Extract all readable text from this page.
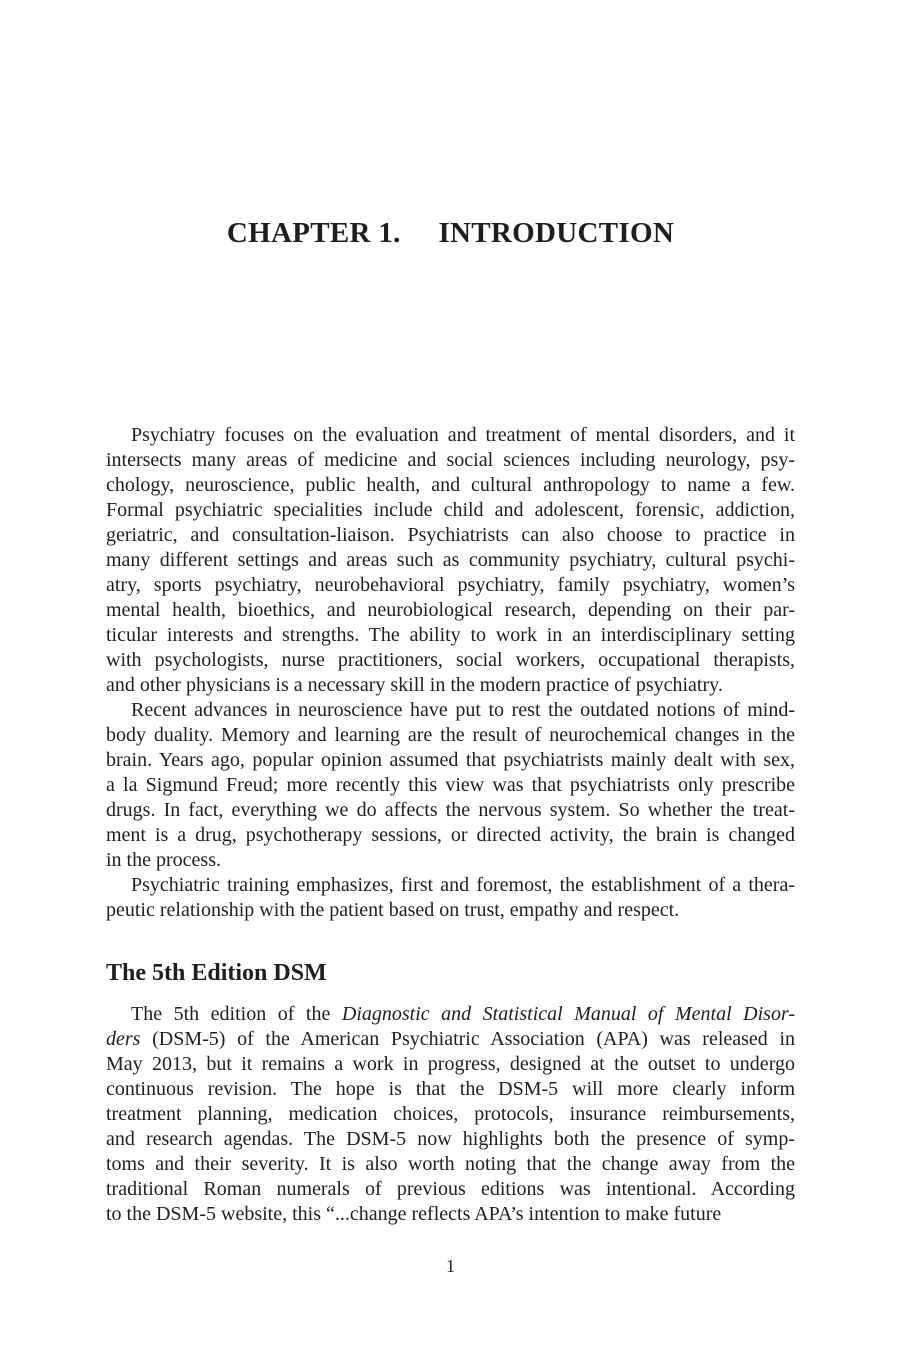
CHAPTER 1.     INTRODUCTION
Psychiatry focuses on the evaluation and treatment of mental disorders, and it
intersects many areas of medicine and social sciences including neurology, psy-
chology, neuroscience, public health, and cultural anthropology to name a few.
Formal psychiatric specialities include child and adolescent, forensic, addiction,
geriatric, and consultation-liaison. Psychiatrists can also choose to practice in
many different settings and areas such as community psychiatry, cultural psychi-
atry, sports psychiatry, neurobehavioral psychiatry, family psychiatry, women’s
mental health, bioethics, and neurobiological research, depending on their par-
ticular interests and strengths. The ability to work in an interdisciplinary setting
with psychologists, nurse practitioners, social workers, occupational therapists,
and other physicians is a necessary skill in the modern practice of psychiatry.
Recent advances in neuroscience have put to rest the outdated notions of mind-
body duality. Memory and learning are the result of neurochemical changes in the
brain. Years ago, popular opinion assumed that psychiatrists mainly dealt with sex,
a la Sigmund Freud; more recently this view was that psychiatrists only prescribe
drugs. In fact, everything we do affects the nervous system. So whether the treat-
ment is a drug, psychotherapy sessions, or directed activity, the brain is changed
in the process.
Psychiatric training emphasizes, first and foremost, the establishment of a thera-
peutic relationship with the patient based on trust, empathy and respect.
The 5th Edition DSM
The 5th edition of the Diagnostic and Statistical Manual of Mental Disor-
ders (DSM-5) of the American Psychiatric Association (APA) was released in
May 2013, but it remains a work in progress, designed at the outset to undergo
continuous revision. The hope is that the DSM-5 will more clearly inform
treatment planning, medication choices, protocols, insurance reimbursements,
and research agendas. The DSM-5 now highlights both the presence of symp-
toms and their severity. It is also worth noting that the change away from the
traditional Roman numerals of previous editions was intentional. According
to the DSM-5 website, this “...change reflects APA’s intention to make future
1
